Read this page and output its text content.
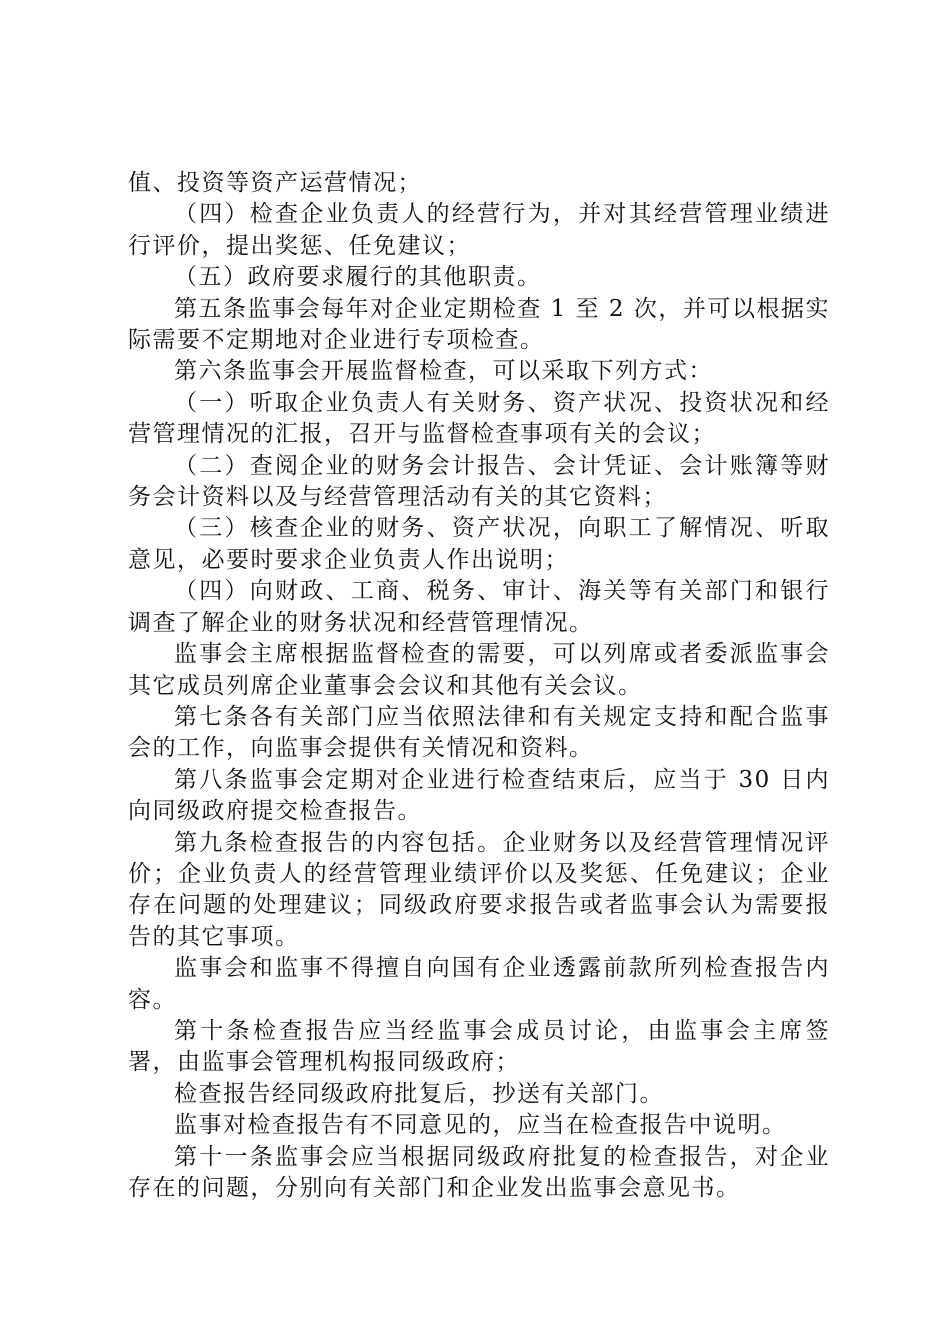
值、投资等资产运营情况；

（四）检查企业负责人的经营行为，并对其经营管理业绩进行评价，提出奖惩、任免建议；

（五）政府要求履行的其他职责。

第五条监事会每年对企业定期检查 1 至 2 次，并可以根据实际需要不定期地对企业进行专项检查。

第六条监事会开展监督检查，可以采取下列方式：

（一）听取企业负责人有关财务、资产状况、投资状况和经营管理情况的汇报，召开与监督检查事项有关的会议；

（二）查阅企业的财务会计报告、会计凭证、会计账簿等财务会计资料以及与经营管理活动有关的其它资料；

（三）核查企业的财务、资产状况，向职工了解情况、听取意见，必要时要求企业负责人作出说明；

（四）向财政、工商、税务、审计、海关等有关部门和银行调查了解企业的财务状况和经营管理情况。

监事会主席根据监督检查的需要，可以列席或者委派监事会其它成员列席企业董事会会议和其他有关会议。

第七条各有关部门应当依照法律和有关规定支持和配合监事会的工作，向监事会提供有关情况和资料。

第八条监事会定期对企业进行检查结束后，应当于 30 日内向同级政府提交检查报告。

第九条检查报告的内容包括。企业财务以及经营管理情况评价；企业负责人的经营管理业绩评价以及奖惩、任免建议；企业存在问题的处理建议；同级政府要求报告或者监事会认为需要报告的其它事项。

监事会和监事不得擅自向国有企业透露前款所列检查报告内容。

第十条检查报告应当经监事会成员讨论，由监事会主席签署，由监事会管理机构报同级政府；

检查报告经同级政府批复后，抄送有关部门。

监事对检查报告有不同意见的，应当在检查报告中说明。

第十一条监事会应当根据同级政府批复的检查报告，对企业存在的问题，分别向有关部门和企业发出监事会意见书。
